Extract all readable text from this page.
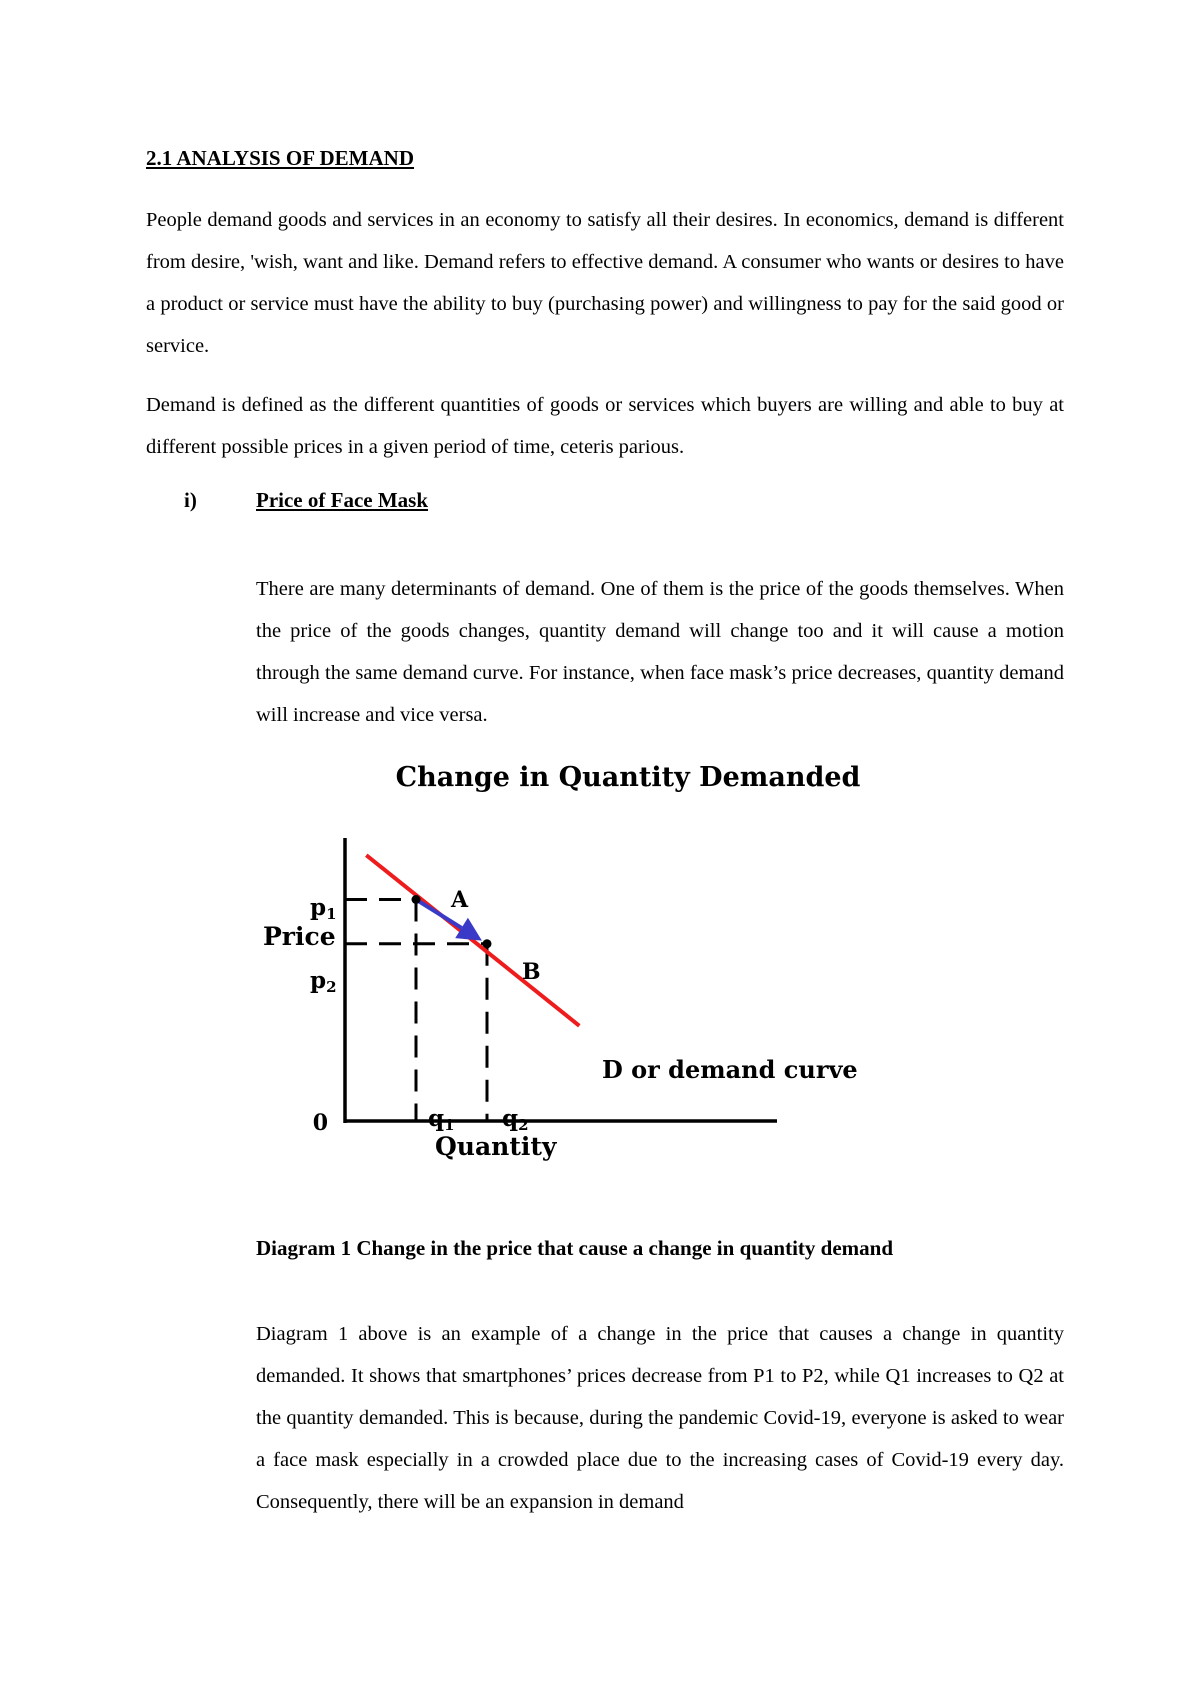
2.1 ANALYSIS OF DEMAND

People demand goods and services in an economy to satisfy all their desires. In economics, demand is different from desire, 'wish, want and like. Demand refers to effective demand. A consumer who wants or desires to have a product or service must have the ability to buy (purchasing power) and willingness to pay for the said good or service.

Demand is defined as the different quantities of goods or services which buyers are willing and able to buy at different possible prices in a given period of time, ceteris parious.

i)	Price of Face Mask

There are many determinants of demand. One of them is the price of the goods themselves. When the price of the goods changes, quantity demand will change too and it will cause a motion through the same demand curve. For instance, when face mask’s price decreases, quantity demand will increase and vice versa.

Change in Quantity Demanded
0
Price
Quantity
p1
p2
q1 q2
A
B
D or demand curve
Diagram 1 Change in the price that cause a change in quantity demand

Diagram 1 above is an example of a change in the price that causes a change in quantity demanded. It shows that smartphones’ prices decrease from P1 to P2, while Q1 increases to Q2 at the quantity demanded. This is because, during the pandemic Covid-19, everyone is asked to wear a face mask especially in a crowded place due to the increasing cases of Covid-19 every day. Consequently, there will be an expansion in demand
